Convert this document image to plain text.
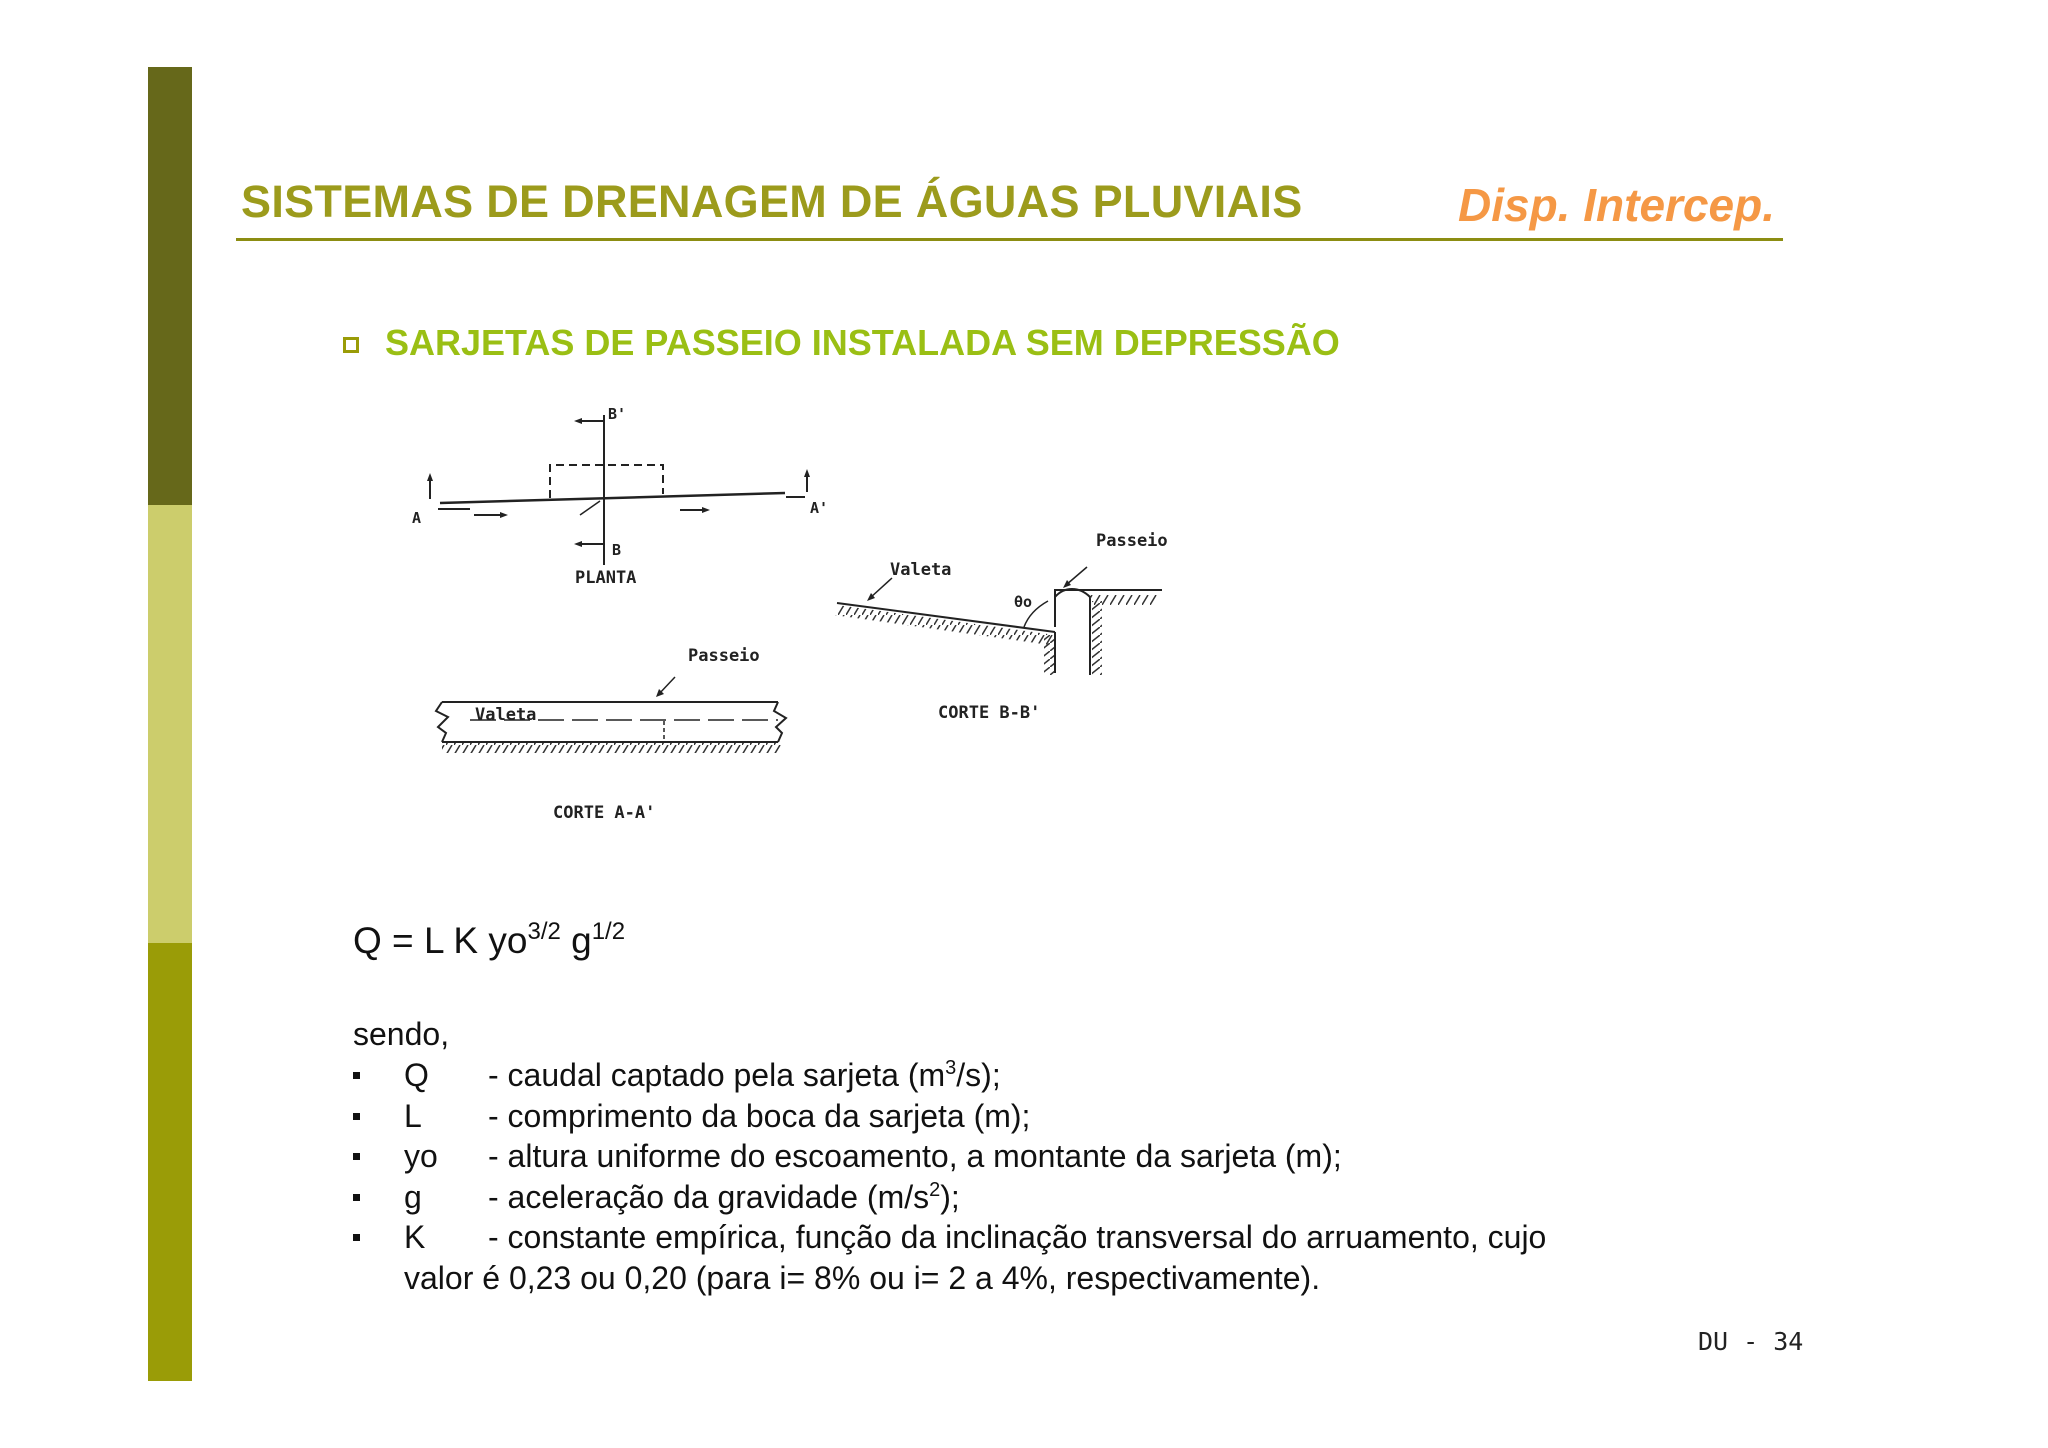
SISTEMAS DE DRENAGEM DE ÁGUAS PLUVIAIS	Disp. Intercep.
SARJETAS DE PASSEIO INSTALADA SEM DEPRESSÃO
B'
B
A
A'
PLANTA
Valeta
Passeio
CORTE A-A'
θo
Valeta
Passeio
CORTE B-B'
Q = L K $yo^{3/2}$ $g^{1/2}$
sendo,
Q - caudal captado pela sarjeta $(m^3/s)$;
L - comprimento da boca da sarjeta (m);
yo - altura uniforme do escoamento, a montante da sarjeta (m);
g - aceleração da gravidade $(m/s^2)$;
K - constante empírica, função da inclinação transversal do arruamento, cujo
valor é 0,23 ou 0,20 (para i= 8% ou i= 2 a 4%, respectivamente).
DU - 34
